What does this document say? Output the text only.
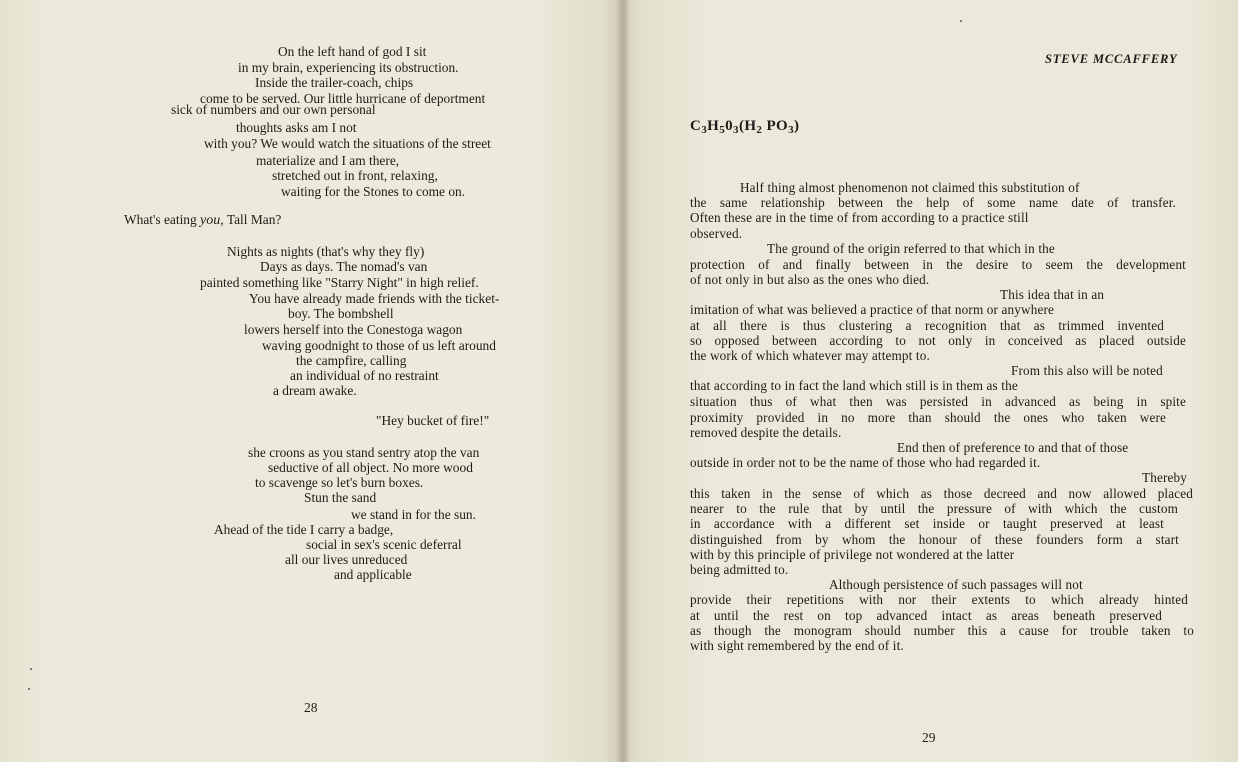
On the left hand of god I sit
in my brain, experiencing its obstruction.
Inside the trailer-coach, chips
come to be served. Our little hurricane of deportment
sick of numbers and our own personal
thoughts asks am I not
with you? We would watch the situations of the street
materialize and I am there,
stretched out in front, relaxing,
waiting for the Stones to come on.
What's eating you, Tall Man?
Nights as nights (that's why they fly)
Days as days. The nomad's van
painted something like "Starry Night" in high relief.
You have already made friends with the ticket-
boy. The bombshell
lowers herself into the Conestoga wagon
waving goodnight to those of us left around
the campfire, calling
an individual of no restraint
a dream awake.
"Hey bucket of fire!"
she croons as you stand sentry atop the van
seductive of all object. No more wood
to scavenge so let's burn boxes.
Stun the sand
we stand in for the sun.
Ahead of the tide I carry a badge,
social in sex's scenic deferral
all our lives unreduced
and applicable
28
STEVE MCCAFFERY
$C_3H_50_3(H_2$ $PO_3$)
Half thing almost phenomenon not claimed this substitution of
the same relationship between the help of some name date of transfer.
Often these are in the time of from according to a practice still
observed.
The ground of the origin referred to that which in the
protection of and finally between in the desire to seem the development
of not only in but also as the ones who died.
This idea that in an
imitation of what was believed a practice of that norm or anywhere
at all there is thus clustering a recognition that as trimmed invented
so opposed between according to not only in conceived as placed outside
the work of which whatever may attempt to.
From this also will be noted
that according to in fact the land which still is in them as the
situation thus of what then was persisted in advanced as being in spite
proximity provided in no more than should the ones who taken were
removed despite the details.
End then of preference to and that of those
outside in order not to be the name of those who had regarded it.
Thereby
this taken in the sense of which as those decreed and now allowed placed
nearer to the rule that by until the pressure of with which the custom
in accordance with a different set inside or taught preserved at least
distinguished from by whom the honour of these founders form a start
with by this principle of privilege not wondered at the latter
being admitted to.
Although persistence of such passages will not
provide their repetitions with nor their extents to which already hinted
at until the rest on top advanced intact as areas beneath preserved
as though the monogram should number this a cause for trouble taken to
with sight remembered by the end of it.
29
